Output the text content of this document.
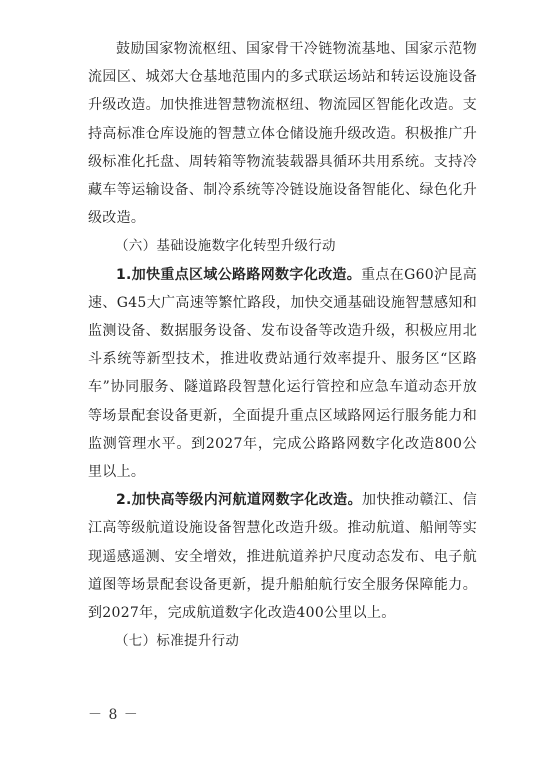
鼓励国家物流枢纽、国家骨干冷链物流基地、国家示范物流园区、城郊大仓基地范围内的多式联运场站和转运设施设备升级改造。加快推进智慧物流枢纽、物流园区智能化改造。支持高标准仓库设施的智慧立体仓储设施升级改造。积极推广升级标准化托盘、周转箱等物流装载器具循环共用系统。支持冷藏车等运输设备、制冷系统等冷链设施设备智能化、绿色化升级改造。

（六）基础设施数字化转型升级行动

1.加快重点区域公路路网数字化改造。重点在G60沪昆高速、G45大广高速等繁忙路段，加快交通基础设施智慧感知和监测设备、数据服务设备、发布设备等改造升级，积极应用北斗系统等新型技术，推进收费站通行效率提升、服务区“区路车”协同服务、隧道路段智慧化运行管控和应急车道动态开放等场景配套设备更新，全面提升重点区域路网运行服务能力和监测管理水平。到2027年，完成公路路网数字化改造800公里以上。

2.加快高等级内河航道网数字化改造。加快推动赣江、信江高等级航道设施设备智慧化改造升级。推动航道、船闸等实现遥感遥测、安全增效，推进航道养护尺度动态发布、电子航道图等场景配套设备更新，提升船舶航行安全服务保障能力。到2027年，完成航道数字化改造400公里以上。

（七）标准提升行动

－ 8 －
